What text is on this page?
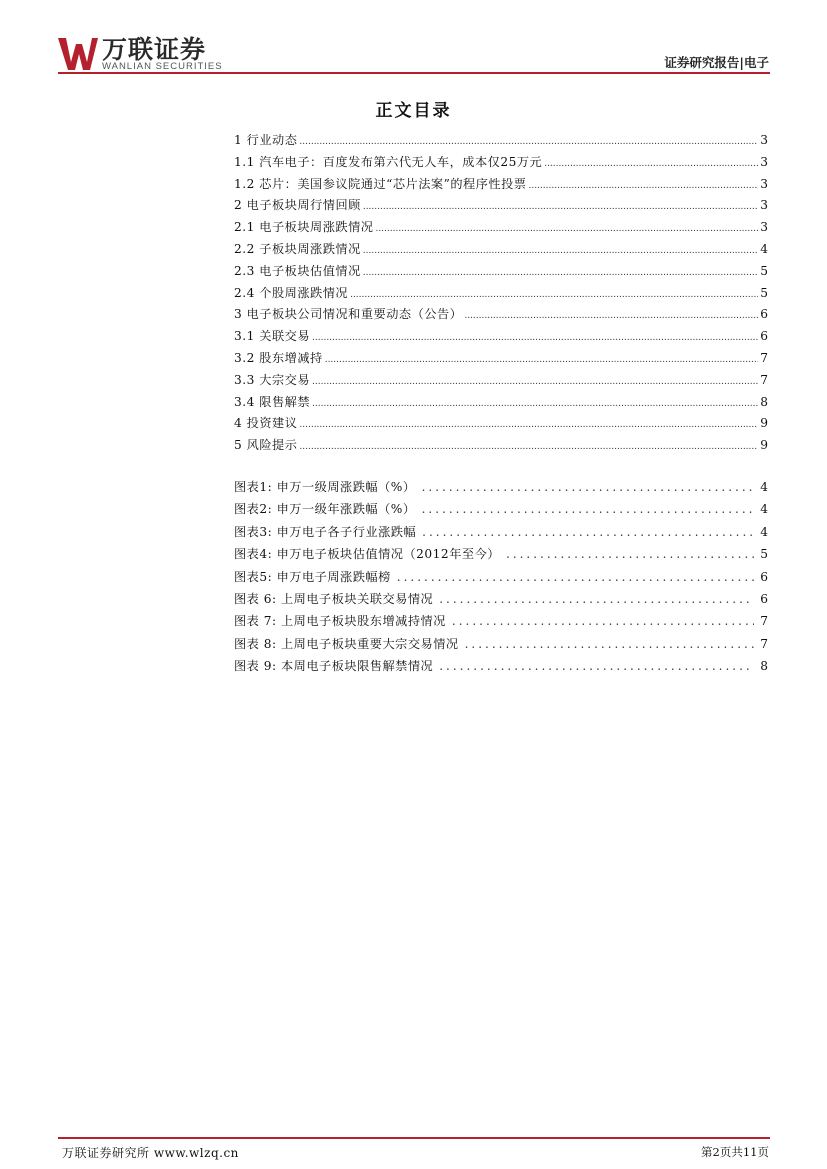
万联证券
WANLIAN SECURITIES	证券研究报告|电子
正文目录
1 行业动态 .....	3
1.1 汽车电子：百度发布第六代无人车，成本仅25万元 .....	3
1.2 芯片：美国参议院通过“芯片法案”的程序性投票 .....	3
2 电子板块周行情回顾 .....	3
2.1 电子板块周涨跌情况 .....	3
2.2 子板块周涨跌情况 .....	4
2.3 电子板块估值情况 .....	5
2.4 个股周涨跌情况 .....	5
3 电子板块公司情况和重要动态（公告） .....	6
3.1 关联交易 .....	6
3.2 股东增减持 .....	7
3.3 大宗交易 .....	7
3.4 限售解禁 .....	8
4 投资建议 .....	9
5 风险提示 .....	9
图表1: 申万一级周涨跌幅（%） .....	4
图表2: 申万一级年涨跌幅（%） .....	4
图表3: 申万电子各子行业涨跌幅 .....	4
图表4: 申万电子板块估值情况（2012年至今） .....	5
图表5: 申万电子周涨跌幅榜 .....	6
图表 6: 上周电子板块关联交易情况 .....	6
图表 7: 上周电子板块股东增减持情况 .....	7
图表 8: 上周电子板块重要大宗交易情况 .....	7
图表 9: 本周电子板块限售解禁情况 .....	8
万联证券研究所 www.wlzq.cn	第2页共11页
